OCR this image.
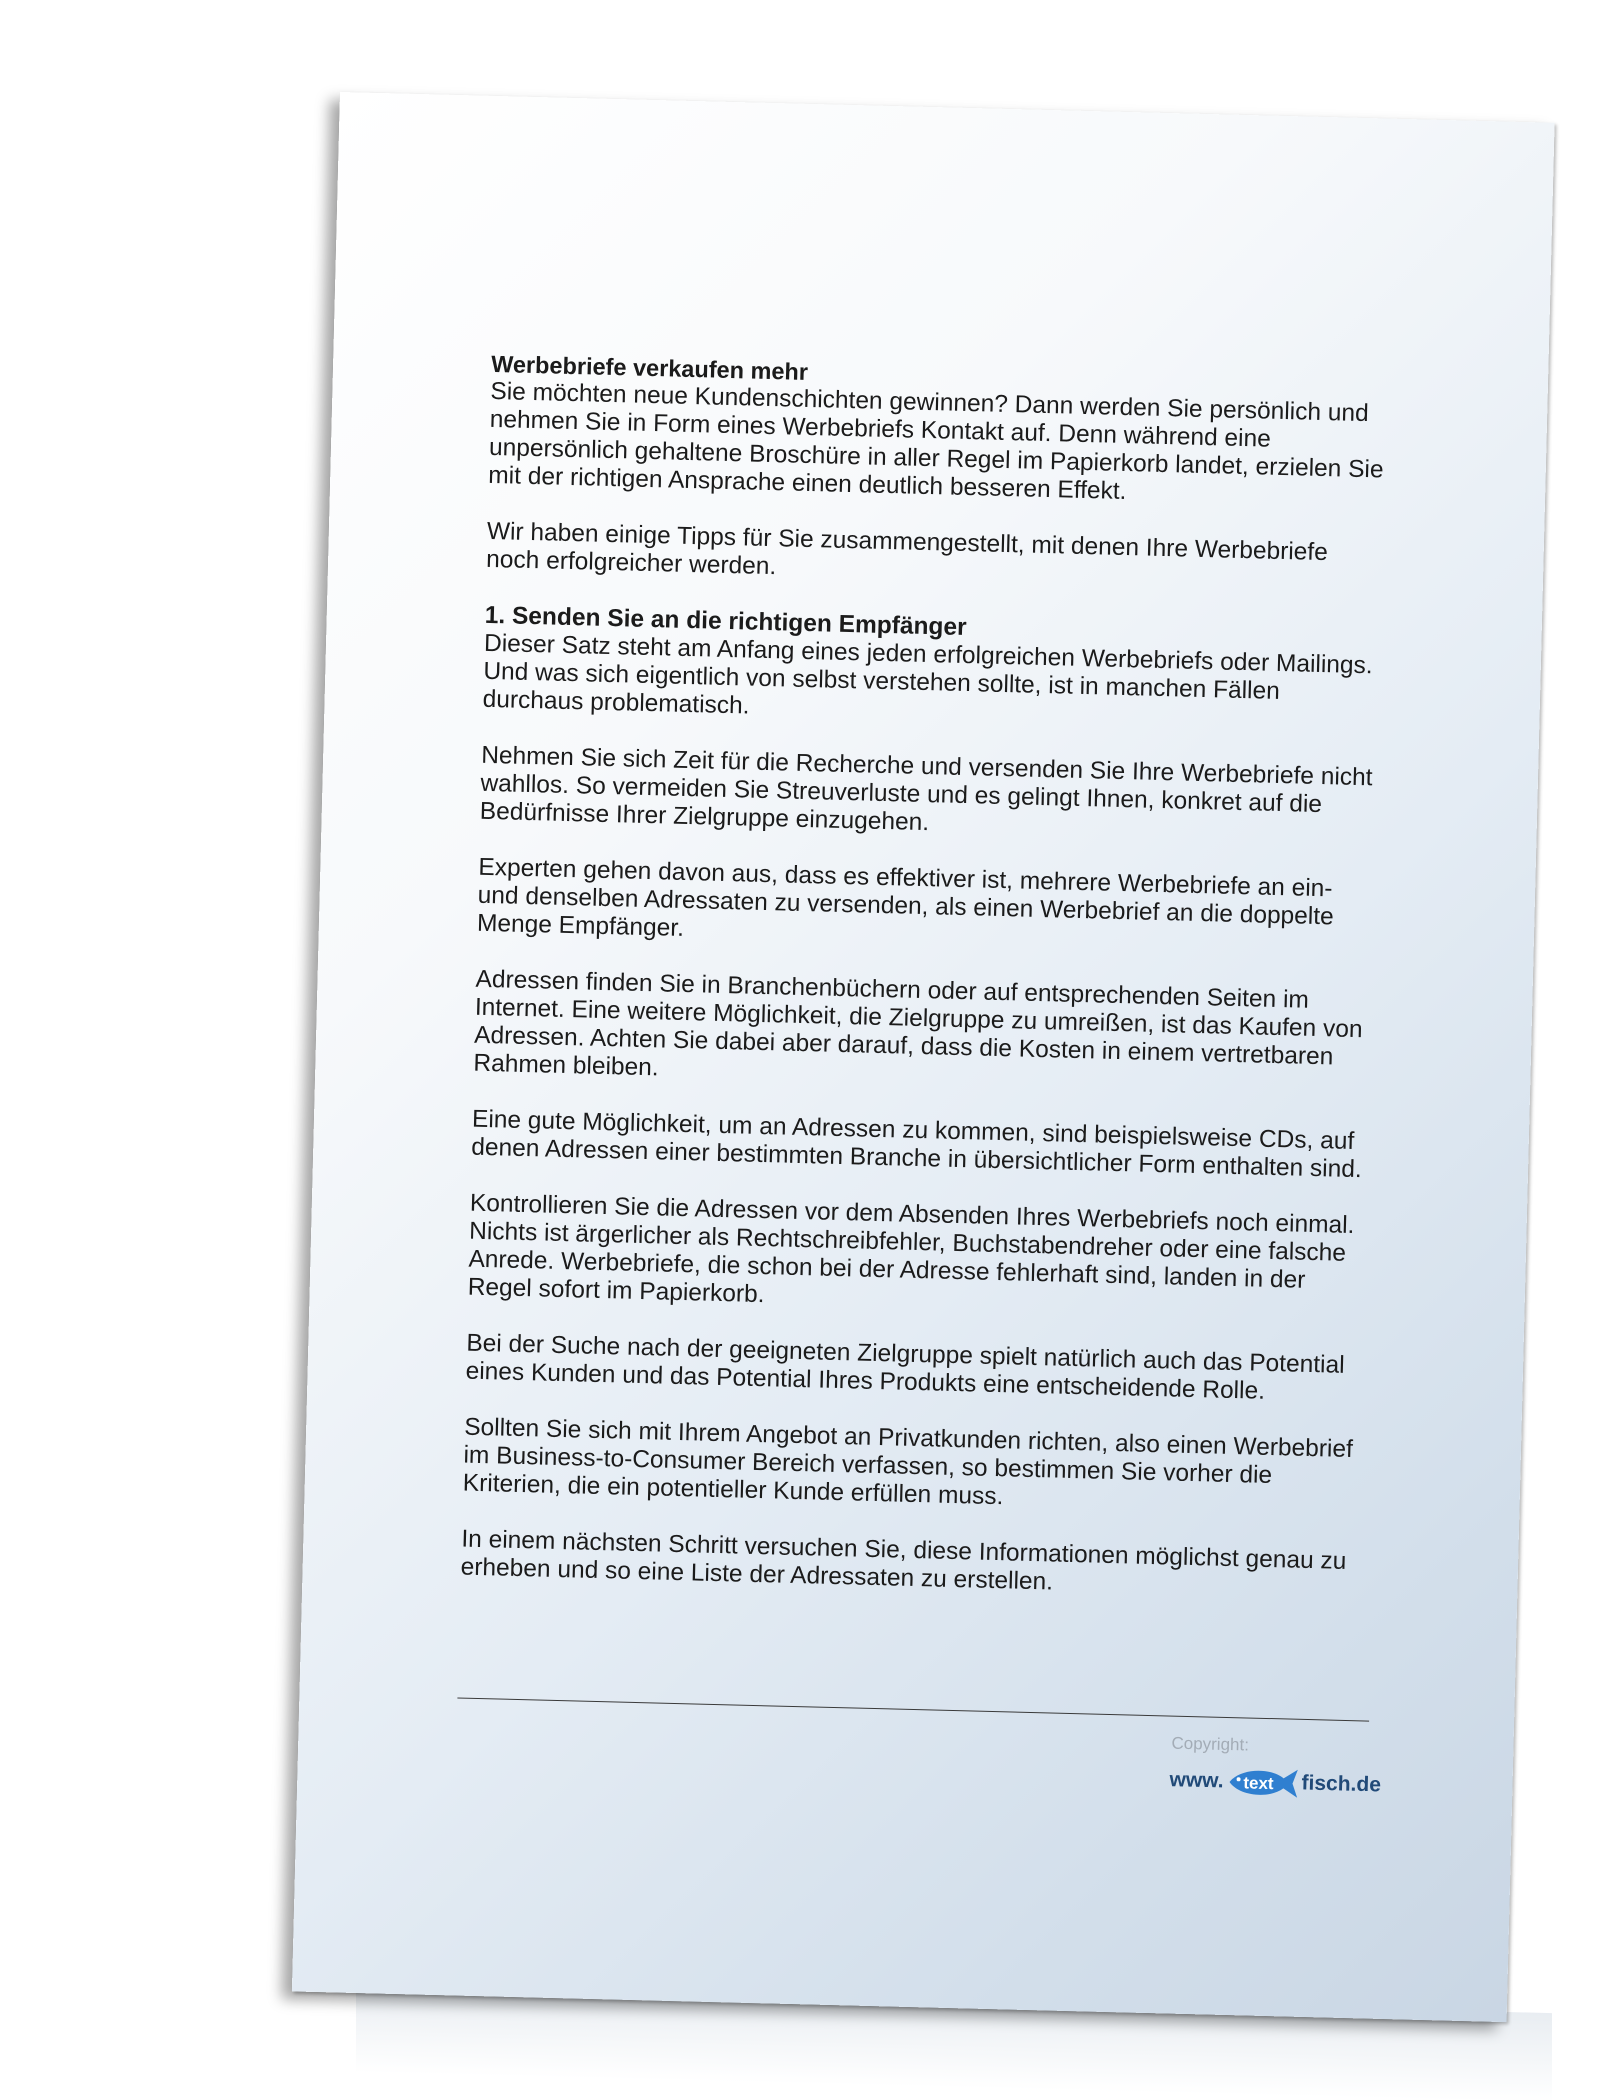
Werbebriefe verkaufen mehr

Sie möchten neue Kundenschichten gewinnen? Dann werden Sie persönlich und nehmen Sie in Form eines Werbebriefs Kontakt auf. Denn während eine unpersönlich gehaltene Broschüre in aller Regel im Papierkorb landet, erzielen Sie mit der richtigen Ansprache einen deutlich besseren Effekt.

Wir haben einige Tipps für Sie zusammengestellt, mit denen Ihre Werbebriefe noch erfolgreicher werden.

1. Senden Sie an die richtigen Empfänger

Dieser Satz steht am Anfang eines jeden erfolgreichen Werbebriefs oder Mailings. Und was sich eigentlich von selbst verstehen sollte, ist in manchen Fällen durchaus problematisch.

Nehmen Sie sich Zeit für die Recherche und versenden Sie Ihre Werbebriefe nicht wahllos. So vermeiden Sie Streuverluste und es gelingt Ihnen, konkret auf die Bedürfnisse Ihrer Zielgruppe einzugehen.

Experten gehen davon aus, dass es effektiver ist, mehrere Werbebriefe an ein- und denselben Adressaten zu versenden, als einen Werbebrief an die doppelte Menge Empfänger.

Adressen finden Sie in Branchenbüchern oder auf entsprechenden Seiten im Internet. Eine weitere Möglichkeit, die Zielgruppe zu umreißen, ist das Kaufen von Adressen. Achten Sie dabei aber darauf, dass die Kosten in einem vertretbaren Rahmen bleiben.

Eine gute Möglichkeit, um an Adressen zu kommen, sind beispielsweise CDs, auf denen Adressen einer bestimmten Branche in übersichtlicher Form enthalten sind.

Kontrollieren Sie die Adressen vor dem Absenden Ihres Werbebriefs noch einmal. Nichts ist ärgerlicher als Rechtschreibfehler, Buchstabendreher oder eine falsche Anrede. Werbebriefe, die schon bei der Adresse fehlerhaft sind, landen in der Regel sofort im Papierkorb.

Bei der Suche nach der geeigneten Zielgruppe spielt natürlich auch das Potential eines Kunden und das Potential Ihres Produkts eine entscheidende Rolle.

Sollten Sie sich mit Ihrem Angebot an Privatkunden richten, also einen Werbebrief im Business-to-Consumer Bereich verfassen, so bestimmen Sie vorher die Kriterien, die ein potentieller Kunde erfüllen muss.

In einem nächsten Schritt versuchen Sie, diese Informationen möglichst genau zu erheben und so eine Liste der Adressaten zu erstellen.

Copyright:
www. text fisch.de
